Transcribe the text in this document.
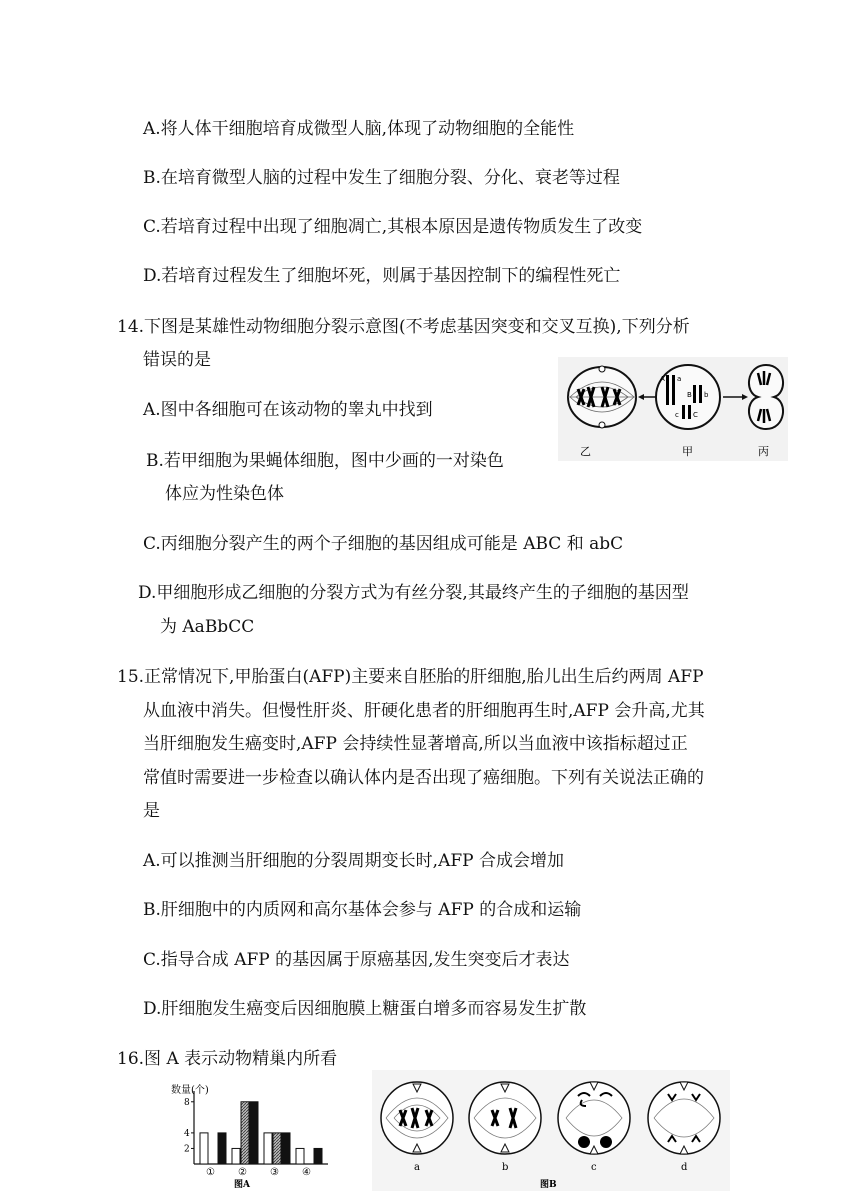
A.将人体干细胞培育成微型人脑,体现了动物细胞的全能性
B.在培育微型人脑的过程中发生了细胞分裂、分化、衰老等过程
C.若培育过程中出现了细胞凋亡,其根本原因是遗传物质发生了改变
D.若培育过程发生了细胞坏死，则属于基因控制下的编程性死亡
14.下图是某雄性动物细胞分裂示意图(不考虑基因突变和交叉互换),下列分析
错误的是
A.图中各细胞可在该动物的睾丸中找到
B.若甲细胞为果蝇体细胞，图中少画的一对染色
体应为性染色体
C.丙细胞分裂产生的两个子细胞的基因组成可能是 ABC 和 abC
D.甲细胞形成乙细胞的分裂方式为有丝分裂,其最终产生的子细胞的基因型
为 AaBbCC
A a
B b
c C
乙	甲	丙
15.正常情况下,甲胎蛋白(AFP)主要来自胚胎的肝细胞,胎儿出生后约两周 AFP
从血液中消失。但慢性肝炎、肝硬化患者的肝细胞再生时,AFP 会升高,尤其
当肝细胞发生癌变时,AFP 会持续性显著增高,所以当血液中该指标超过正
常值时需要进一步检查以确认体内是否出现了癌细胞。下列有关说法正确的
是
A.可以推测当肝细胞的分裂周期变长时,AFP 合成会增加
B.肝细胞中的内质网和高尔基体会参与 AFP 的合成和运输
C.指导合成 AFP 的基因属于原癌基因,发生突变后才表达
D.肝细胞发生癌变后因细胞膜上糖蛋白增多而容易发生扩散
16.图 A 表示动物精巢内所看
数量(个)
2
4
8
① ② ③ ④
图A
a	b	c	d
图B
